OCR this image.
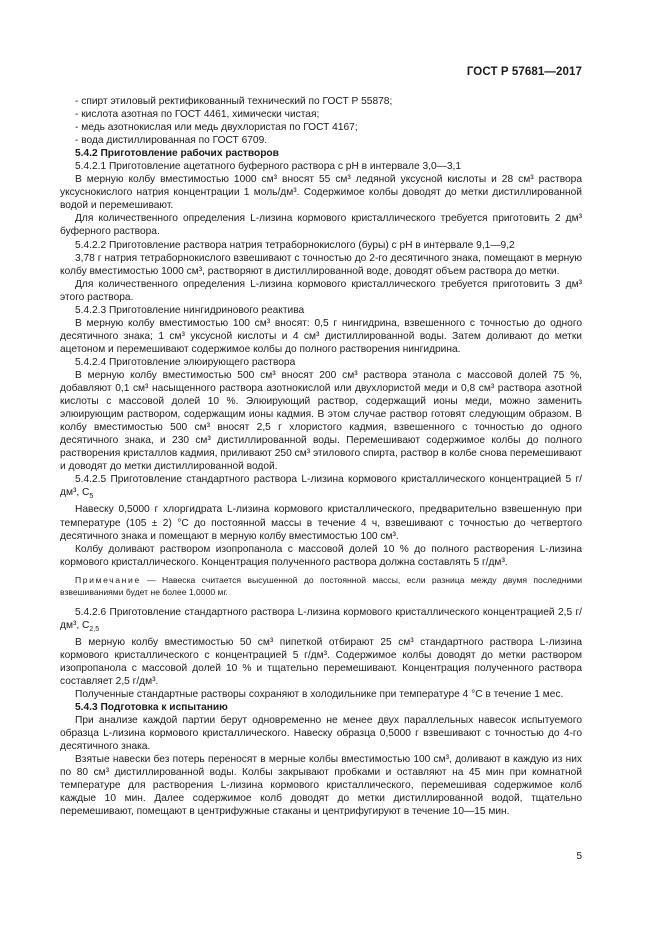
ГОСТ Р 57681—2017

- спирт этиловый ректификованный технический по ГОСТ Р 55878;

- кислота азотная по ГОСТ 4461, химически чистая;

- медь азотнокислая или медь двухлористая по ГОСТ 4167;

- вода дистиллированная по ГОСТ 6709.

5.4.2 Приготовление рабочих растворов

5.4.2.1 Приготовление ацетатного буферного раствора с pH в интервале 3,0—3,1

В мерную колбу вместимостью 1000 см³ вносят 55 см³ ледяной уксусной кислоты и 28 см³ раствора уксуснокислого натрия концентрации 1 моль/дм³. Содержимое колбы доводят до метки дистиллированной водой и перемешивают.

Для количественного определения L-лизина кормового кристаллического требуется приготовить 2 дм³ буферного раствора.

5.4.2.2 Приготовление раствора натрия тетраборнокислого (буры) с pH в интервале 9,1—9,2

3,78 г натрия тетраборнокислого взвешивают с точностью до 2-го десятичного знака, помещают в мерную колбу вместимостью 1000 см³, растворяют в дистиллированной воде, доводят объем раствора до метки.

Для количественного определения L-лизина кормового кристаллического требуется приготовить 3 дм³ этого раствора.

5.4.2.3 Приготовление нингидринового реактива

В мерную колбу вместимостью 100 см³ вносят: 0,5 г нингидрина, взвешенного с точностью до одного десятичного знака; 1 см³ уксусной кислоты и 4 см³ дистиллированной воды. Затем доливают до метки ацетоном и перемешивают содержимое колбы до полного растворения нингидрина.

5.4.2.4 Приготовление элюирующего раствора

В мерную колбу вместимостью 500 см³ вносят 200 см³ раствора этанола с массовой долей 75 %, добавляют 0,1 см³ насыщенного раствора азотнокислой или двухлористой меди и 0,8 см³ раствора азотной кислоты с массовой долей 10 %. Элюирующий раствор, содержащий ионы меди, можно заменить элюирующим раствором, содержащим ионы кадмия. В этом случае раствор готовят следующим образом. В колбу вместимостью 500 см³ вносят 2,5 г хлористого кадмия, взвешенного с точностью до одного десятичного знака, и 230 см³ дистиллированной воды. Перемешивают содержимое колбы до полного растворения кристаллов кадмия, приливают 250 см³ этилового спирта, раствор в колбе снова перемешивают и доводят до метки дистиллированной водой.

5.4.2.5 Приготовление стандартного раствора L-лизина кормового кристаллического концентрацией 5 г/дм³, $С_5$

Навеску 0,5000 г хлоргидрата L-лизина кормового кристаллического, предварительно взвешенную при температуре (105 ± 2) °С до постоянной массы в течение 4 ч, взвешивают с точностью до четвертого десятичного знака и помещают в мерную колбу вместимостью 100 см³.

Колбу доливают раствором изопропанола с массовой долей 10 % до полного растворения L-лизина кормового кристаллического. Концентрация полученного раствора должна составлять 5 г/дм³.

Примечание — Навеска считается высушенной до постоянной массы, если разница между двумя последними взвешиваниями будет не более 1,0000 мг.

5.4.2.6 Приготовление стандартного раствора L-лизина кормового кристаллического концентрацией 2,5 г/дм³, $С_{2,5}$

В мерную колбу вместимостью 50 см³ пипеткой отбирают 25 см³ стандартного раствора L-лизина кормового кристаллического с концентрацией 5 г/дм³. Содержимое колбы доводят до метки раствором изопропанола с массовой долей 10 % и тщательно перемешивают. Концентрация полученного раствора составляет 2,5 г/дм³.

Полученные стандартные растворы сохраняют в холодильнике при температуре 4 °С в течение 1 мес.

5.4.3 Подготовка к испытанию

При анализе каждой партии берут одновременно не менее двух параллельных навесок испытуемого образца L-лизина кормового кристаллического. Навеску образца 0,5000 г взвешивают с точностью до 4-го десятичного знака.

Взятые навески без потерь переносят в мерные колбы вместимостью 100 см³, доливают в каждую из них по 80 см³ дистиллированной воды. Колбы закрывают пробками и оставляют на 45 мин при комнатной температуре для растворения L-лизина кормового кристаллического, перемешивая содержимое колб каждые 10 мин. Далее содержимое колб доводят до метки дистиллированной водой, тщательно перемешивают, помещают в центрифужные стаканы и центрифугируют в течение 10—15 мин.

5
